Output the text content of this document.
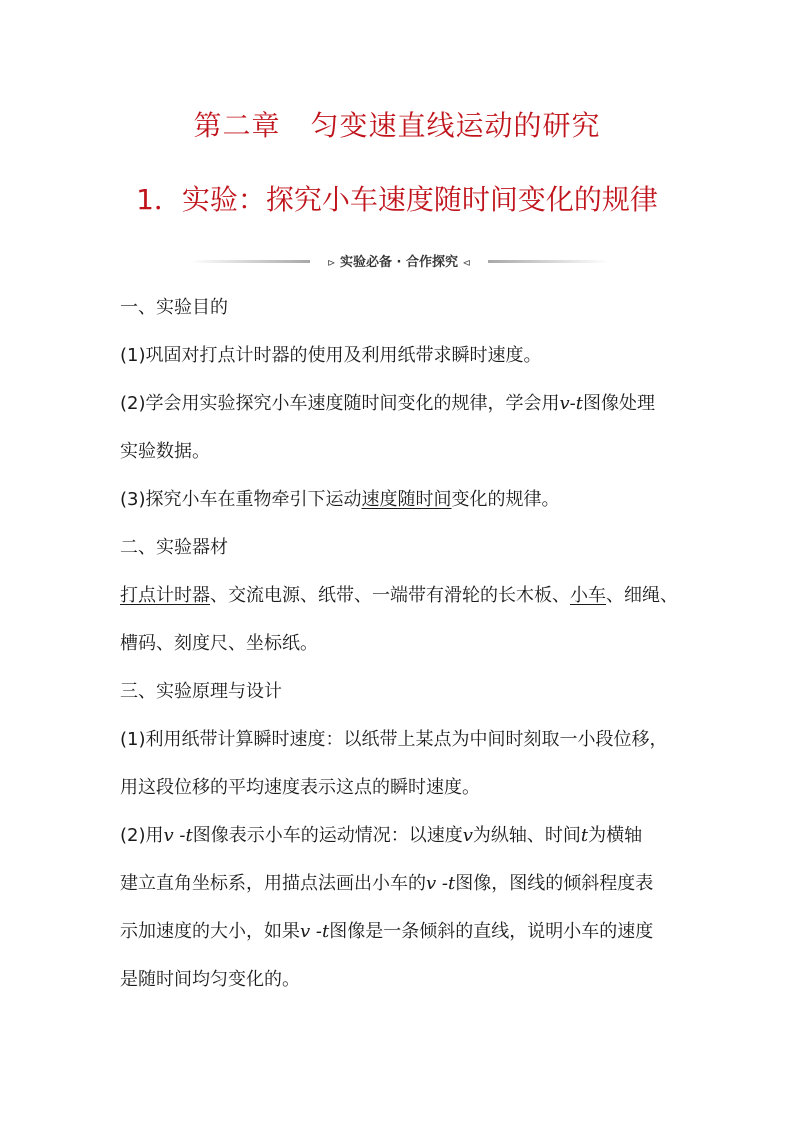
第二章 匀变速直线运动的研究
1．实验：探究小车速度随时间变化的规律
⊳ 实验必备 · 合作探究 ⊲

一、实验目的

(1)巩固对打点计时器的使用及利用纸带求瞬时速度。

(2)学会用实验探究小车速度随时间变化的规律，学会用v-t图像处理

实验数据。

(3)探究小车在重物牵引下运动速度随时间变化的规律。

二、实验器材

打点计时器、交流电源、纸带、一端带有滑轮的长木板、小车、细绳、

槽码、刻度尺、坐标纸。

三、实验原理与设计

(1)利用纸带计算瞬时速度：以纸带上某点为中间时刻取一小段位移，

用这段位移的平均速度表示这点的瞬时速度。

(2)用v -t图像表示小车的运动情况：以速度v为纵轴、时间t为横轴

建立直角坐标系，用描点法画出小车的v -t图像，图线的倾斜程度表

示加速度的大小，如果v -t图像是一条倾斜的直线，说明小车的速度

是随时间均匀变化的。
